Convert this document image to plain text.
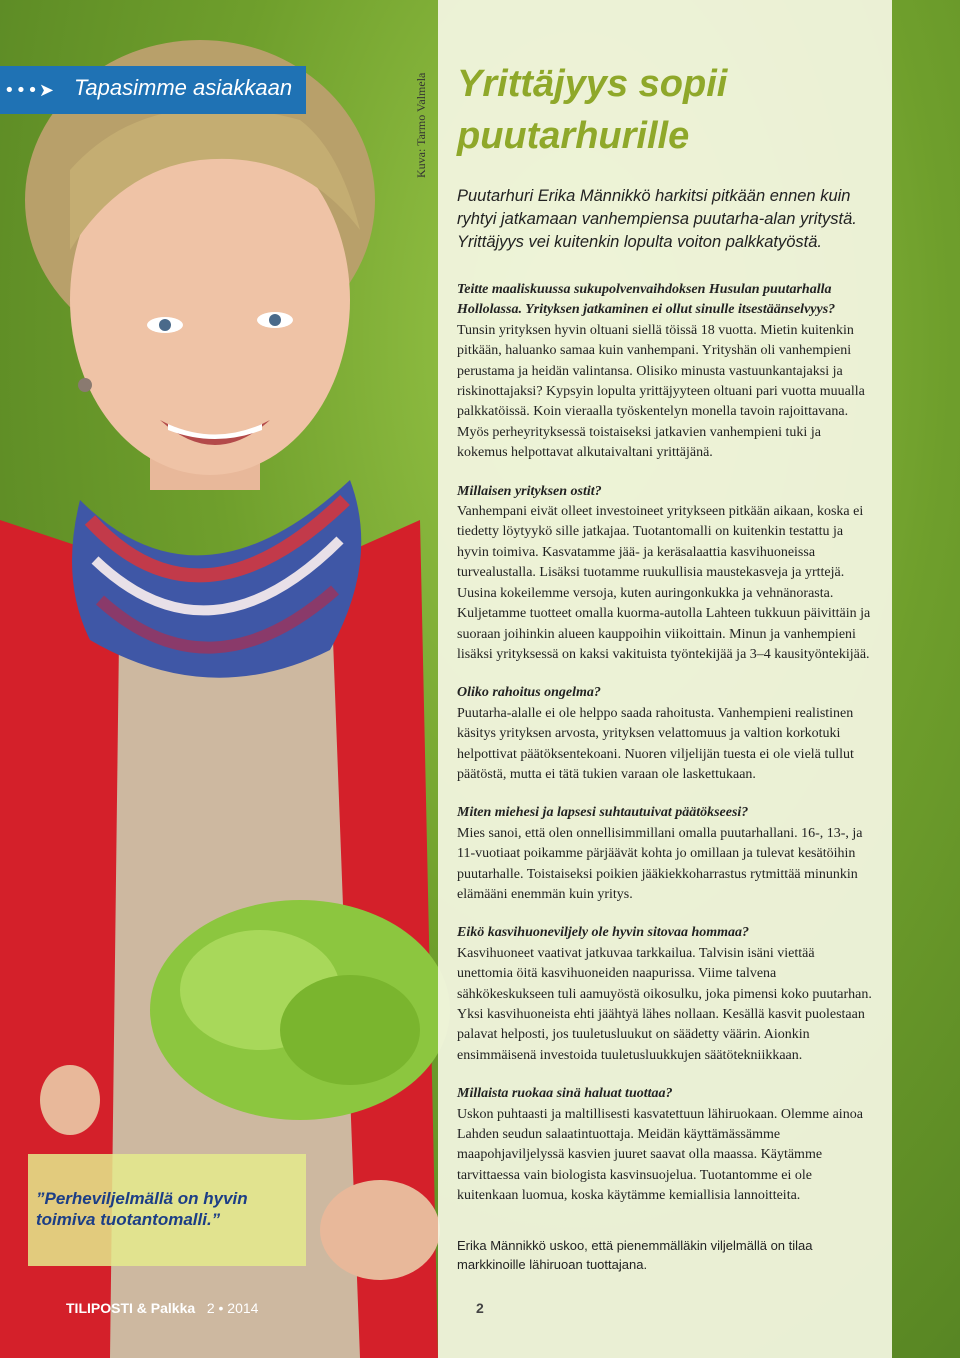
•••➤ Tapasimme asiakkaan	Kuva: Tarmo Valmela Yrittäjyys sopii puutarhurille

Puutarhuri Erika Männikkö harkitsi pitkään ennen kuin ryhtyi jatkamaan vanhempiensa puutarha-alan yritystä. Yrittäjyys vei kuitenkin lopulta voiton palkkatyöstä.

Teitte maaliskuussa sukupolvenvaihdoksen Husulan puutarhalla Hollolassa. Yrityksen jatkaminen ei ollut sinulle itsestäänselvyys?

Tunsin yrityksen hyvin oltuani siellä töissä 18 vuotta. Mietin kuitenkin pitkään, haluanko samaa kuin vanhempani. Yrityshän oli vanhempieni perustama ja heidän valintansa. Olisiko minusta vastuunkantajaksi ja riskinottajaksi? Kypsyin lopulta yrittäjyyteen oltuani pari vuotta muualla palkkatöissä. Koin vieraalla työskentelyn monella tavoin rajoittavana. Myös perheyrityksessä toistaiseksi jatkavien vanhempieni tuki ja kokemus helpottavat alkutaivaltani yrittäjänä.

Millaisen yrityksen ostit?

Vanhempani eivät olleet investoineet yritykseen pitkään aikaan, koska ei tiedetty löytyykö sille jatkajaa. Tuotantomalli on kuitenkin testattu ja hyvin toimiva. Kasvatamme jää- ja keräsalaattia kasvihuoneissa turvealustalla. Lisäksi tuotamme ruukullisia maustekasveja ja yrttejä. Uusina kokeilemme versoja, kuten auringonkukka ja vehnänorasta. Kuljetamme tuotteet omalla kuorma-autolla Lahteen tukkuun päivittäin ja suoraan joihinkin alueen kauppoihin viikoittain. Minun ja vanhempieni lisäksi yrityksessä on kaksi vakituista työntekijää ja 3–4 kausityöntekijää.

Oliko rahoitus ongelma?

Puutarha-alalle ei ole helppo saada rahoitusta. Vanhempieni realistinen käsitys yrityksen arvosta, yrityksen velattomuus ja valtion korkotuki helpottivat päätöksentekoani. Nuoren viljelijän tuesta ei ole vielä tullut päätöstä, mutta ei tätä tukien varaan ole laskettukaan.

Miten miehesi ja lapsesi suhtautuivat päätökseesi?

Mies sanoi, että olen onnellisimmillani omalla puutarhallani. 16-, 13-, ja 11-vuotiaat poikamme pärjäävät kohta jo omillaan ja tulevat kesätöihin puutarhalle. Toistaiseksi poikien jääkiekkoharrastus rytmittää minunkin elämääni enemmän kuin yritys.

Eikö kasvihuoneviljely ole hyvin sitovaa hommaa?

Kasvihuoneet vaativat jatkuvaa tarkkailua. Talvisin isäni viettää unettomia öitä kasvihuoneiden naapurissa. Viime talvena sähkökeskukseen tuli aamuyöstä oikosulku, joka pimensi koko puutarhan. Yksi kasvihuoneista ehti jäähtyä lähes nollaan. Kesällä kasvit puolestaan palavat helposti, jos tuuletusluukut on säädetty väärin. Aionkin ensimmäisenä investoida tuuletusluukkujen säätötekniikkaan.

Millaista ruokaa sinä haluat tuottaa?

Uskon puhtaasti ja maltillisesti kasvatettuun lähiruokaan. Olemme ainoa Lahden seudun salaatintuottaja. Meidän käyttämässämme maapohjaviljelyssä kasvien juuret saavat olla maassa. Käytämme tarvittaessa vain biologista kasvinsuojelua. Tuotantomme ei ole kuitenkaan luomua, koska käytämme kemiallisia lannoitteita.

Erika Männikkö uskoo, että pienemmälläkin viljelmällä on tilaa markkinoille lähiruoan tuottajana.
”Perheviljelmällä on hyvin toimiva tuotantomalli.”
TILIPOSTI & Palkka 2 • 2014	2
